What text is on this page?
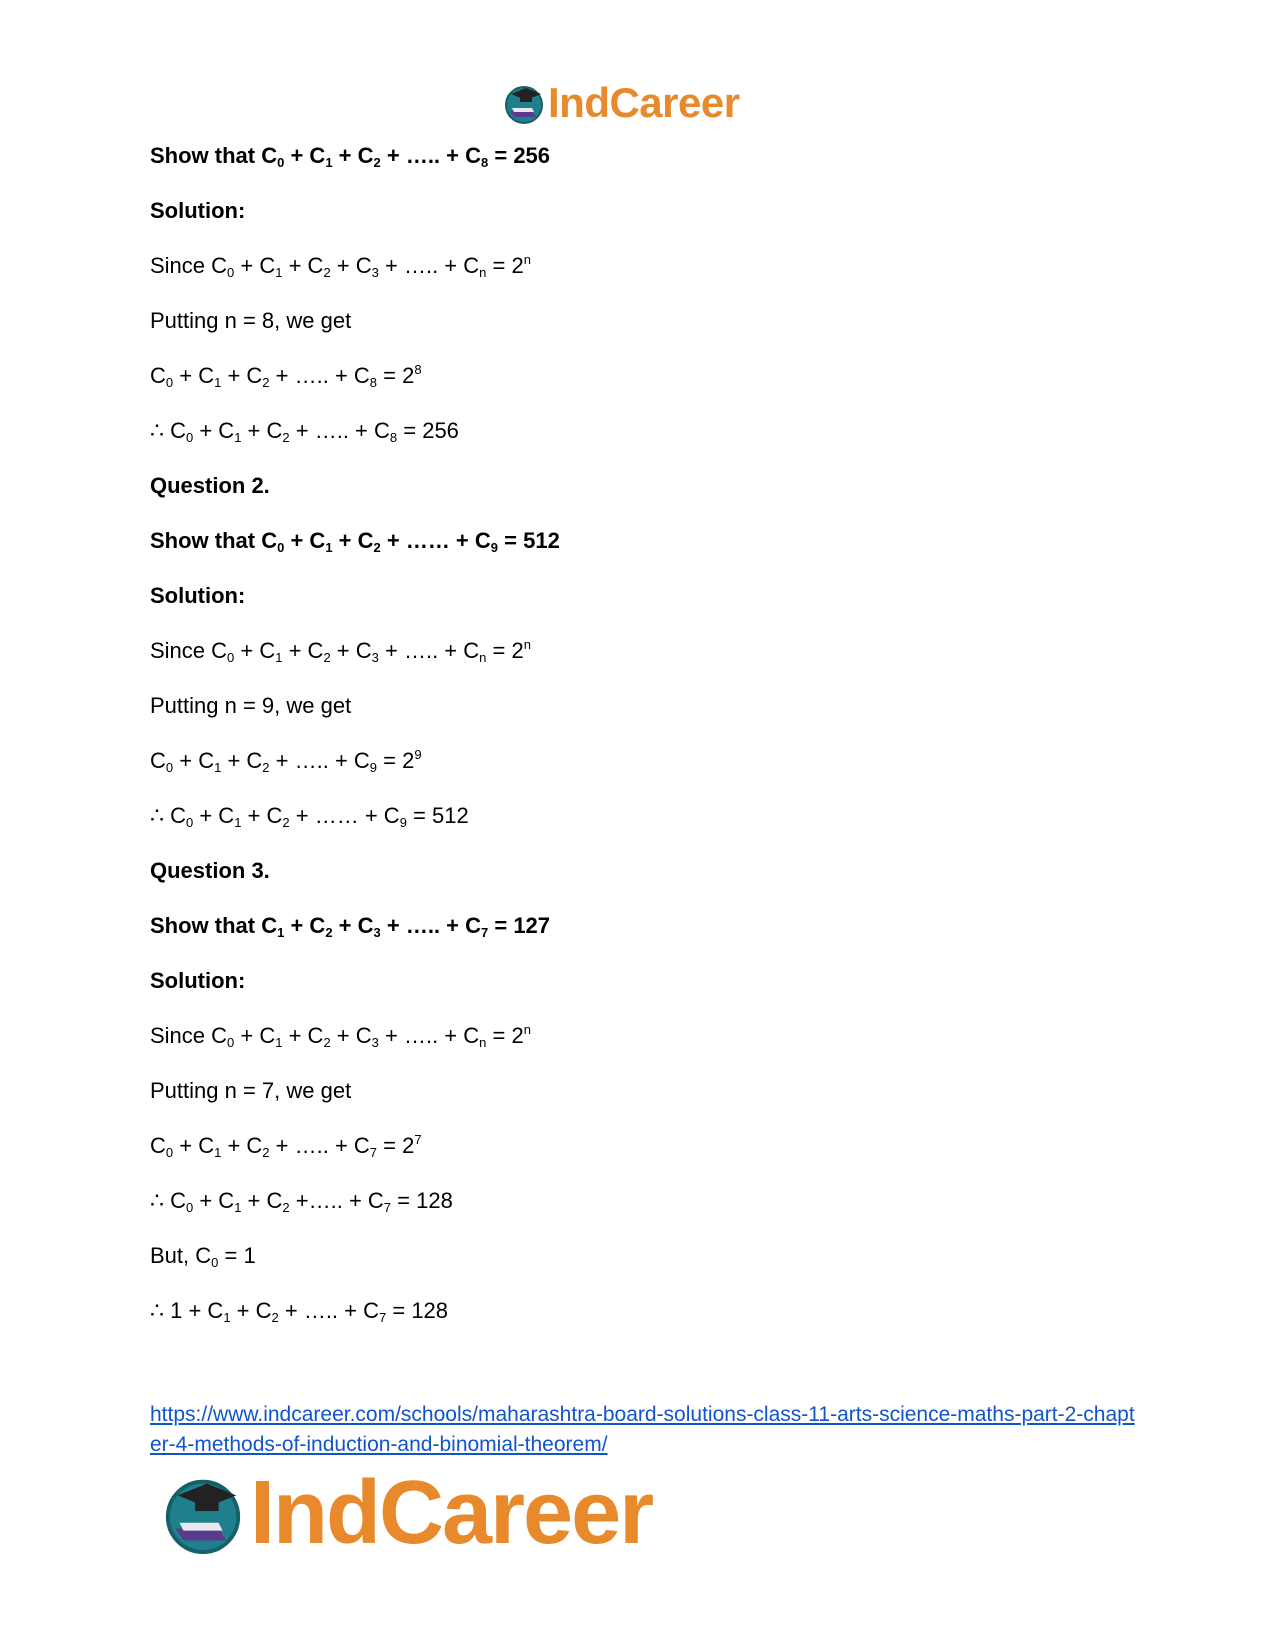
IndCareer
Show that $C_0 + C_1 + C_2$ + ….. + $C_8 = 256$
Solution:
Since $C_0 + C_1 + C_2 + C_3$ + ….. + $C_n = 2^n$
Putting n = 8, we get
$C_0 + C_1 + C_2$ + ….. + $C_8 = 2^8$
∴ $C_0 + C_1 + C_2$ + ….. + $C_8 = 256$
Question 2.
Show that $C_0 + C_1 + C_2$ + …… + $C_9 = 512$
Solution:
Since $C_0 + C_1 + C_2 + C_3$ + ….. + $C_n = 2^n$
Putting n = 9, we get
$C_0 + C_1 + C_2$ + ….. + $C_9 = 2^9$
∴ $C_0 + C_1 + C_2$ + …… + $C_9 = 512$
Question 3.
Show that $C_1 + C_2 + C_3$ + ….. + $C_7 = 127$
Solution:
Since $C_0 + C_1 + C_2 + C_3$ + ….. + $C_n = 2^n$
Putting n = 7, we get
$C_0 + C_1 + C_2$ + ….. + $C_7 = 2^7$
∴ $C_0 + C_1 + C_2$ +….. + $C_7 = 128$
But, $C_0 = 1$
∴ $1 + C_1 + C_2$ + ….. + $C_7 = 128$
https://www.indcareer.com/schools/maharashtra-board-solutions-class-11-arts-science-maths-part-2-chapter-4-methods-of-induction-and-binomial-theorem/
IndCareer
